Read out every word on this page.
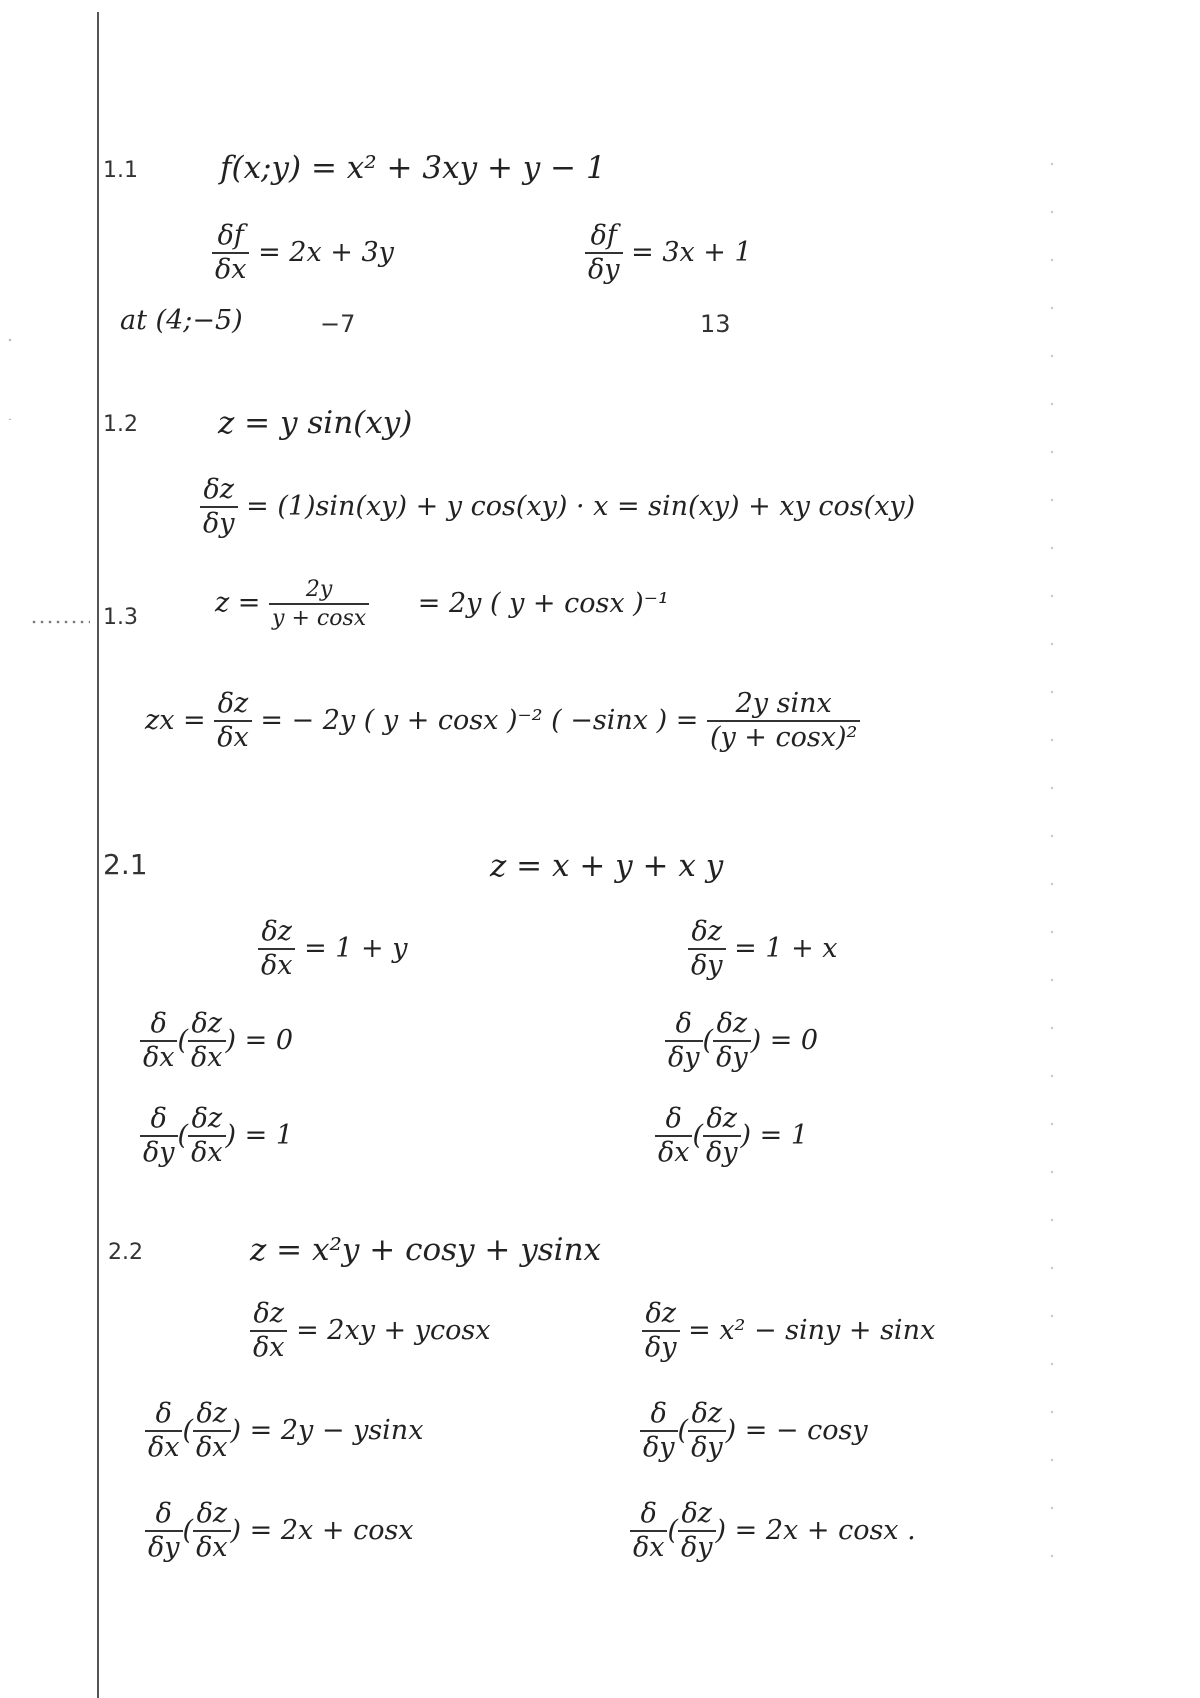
1.1	f(x;y) = x² + 3xy + y − 1
$\frac{\delta f}{\delta x} = 2x + 3y$	$\frac{\delta f}{\delta y} = 3x + 1$
at (4;−5)	−7	13
1.2	z = y sin(xy)
$\frac{\delta z}{\delta y} = (1)\sin(xy) + y$ cos(xy) · x = sin(xy) + xy cos(xy)
1.3	$z = \frac{2y}{y + \cos x} = 2y$ ( y + cosx )⁻¹
zx = $\frac{\delta z}{\delta x}$ = − 2y ( y + cosx )⁻² ( −sinx ) = $\frac{\text{2y sinx}}{\text{(y + cosx)²}}$
2.1	z = x + y + x y
$\frac{\delta z}{\delta x} = 1 + y$	$\frac{\delta z}{\delta y} = 1 + x$
$\frac{\delta}{\delta x}$ ( $\frac{\delta z}{\delta x}$ ) = 0	$\frac{\delta}{\delta y}$ ( $\frac{\delta z}{\delta y}$ ) = 0
$\frac{\delta}{\delta y}$ ( $\frac{\delta z}{\delta x}$ ) = 1	$\frac{\delta}{\delta x}$ ( $\frac{\delta z}{\delta y}$ ) = 1
2.2	z = x²y + cosy + ysinx
$\frac{\delta z}{\delta x} = 2xy + ycosx$	$\frac{\delta z}{\delta y} = x^2 - \sin y + \sin x$
$\frac{\delta}{\delta x}$ ( $\frac{\delta z}{\delta x}$ ) = 2y − ysinx	$\frac{\delta}{\delta y}$ ( $\frac{\delta z}{\delta y}$ ) = − cosy
$\frac{\delta}{\delta y}$ ( $\frac{\delta z}{\delta x}$ ) = 2x + cosx	$\frac{\delta}{\delta x}$ ( $\frac{\delta z}{\delta y}$ ) = 2x + cosx .
